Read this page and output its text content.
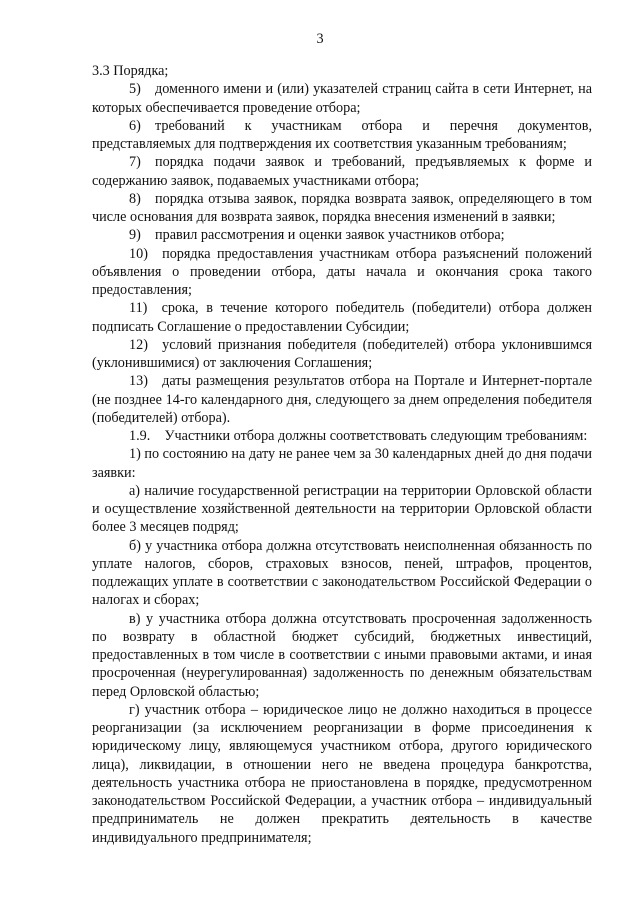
3

3.3 Порядка;

5) доменного имени и (или) указателей страниц сайта в сети Интернет, на которых обеспечивается проведение отбора;

6) требований к участникам отбора и перечня документов, представляемых для подтверждения их соответствия указанным требованиям;

7) порядка подачи заявок и требований, предъявляемых к форме и содержанию заявок, подаваемых участниками отбора;

8) порядка отзыва заявок, порядка возврата заявок, определяющего в том числе основания для возврата заявок, порядка внесения изменений в заявки;

9) правил рассмотрения и оценки заявок участников отбора;

10) порядка предоставления участникам отбора разъяснений положений объявления о проведении отбора, даты начала и окончания срока такого предоставления;

11) срока, в течение которого победитель (победители) отбора должен подписать Соглашение о предоставлении Субсидии;

12) условий признания победителя (победителей) отбора уклонившимся (уклонившимися) от заключения Соглашения;

13) даты размещения результатов отбора на Портале и Интернет-портале (не позднее 14-го календарного дня, следующего за днем определения победителя (победителей) отбора).

1.9. Участники отбора должны соответствовать следующим требованиям:

1) по состоянию на дату не ранее чем за 30 календарных дней до дня подачи заявки:

а) наличие государственной регистрации на территории Орловской области и осуществление хозяйственной деятельности на территории Орловской области более 3 месяцев подряд;

б) у участника отбора должна отсутствовать неисполненная обязанность по уплате налогов, сборов, страховых взносов, пеней, штрафов, процентов, подлежащих уплате в соответствии с законодательством Российской Федерации о налогах и сборах;

в) у участника отбора должна отсутствовать просроченная задолженность по возврату в областной бюджет субсидий, бюджетных инвестиций, предоставленных в том числе в соответствии с иными правовыми актами, и иная просроченная (неурегулированная) задолженность по денежным обязательствам перед Орловской областью;

г) участник отбора – юридическое лицо не должно находиться в процессе реорганизации (за исключением реорганизации в форме присоединения к юридическому лицу, являющемуся участником отбора, другого юридического лица), ликвидации, в отношении него не введена процедура банкротства, деятельность участника отбора не приостановлена в порядке, предусмотренном законодательством Российской Федерации, а участник отбора – индивидуальный предприниматель не должен прекратить деятельность в качестве индивидуального предпринимателя;
